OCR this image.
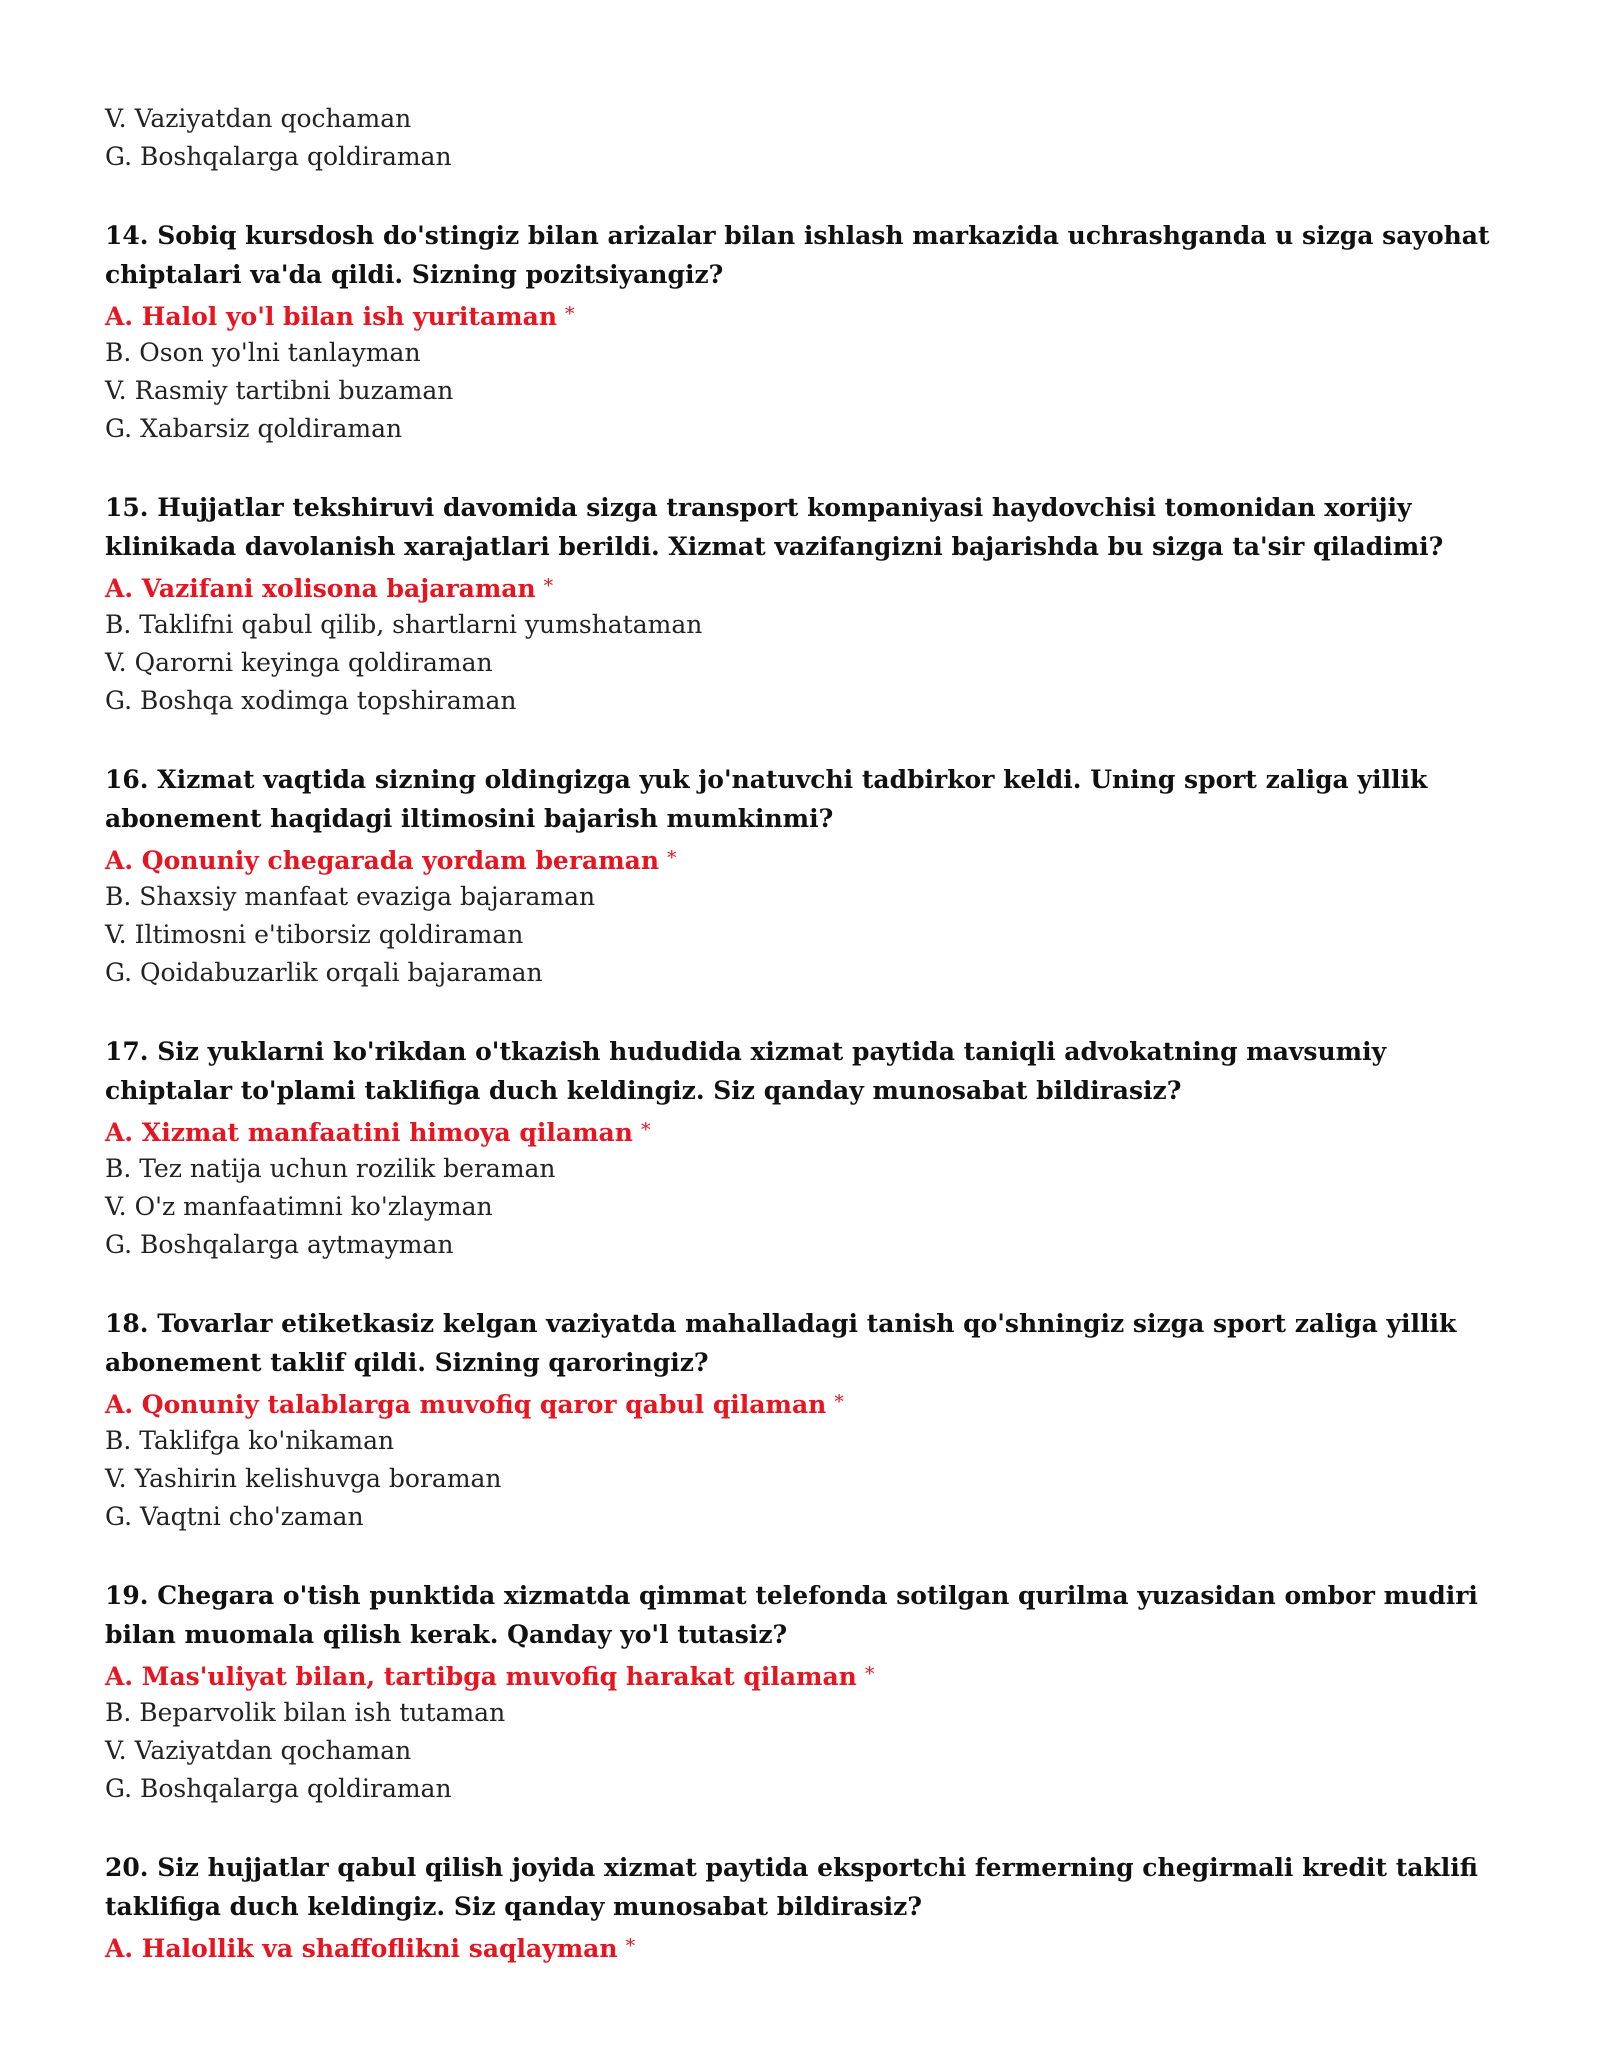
V. Vaziyatdan qochaman
G. Boshqalarga qoldiraman
14. Sobiq kursdosh do'stingiz bilan arizalar bilan ishlash markazida uchrashganda u sizga sayohat chiptalari va'da qildi. Sizning pozitsiyangiz?
A. Halol yo'l bilan ish yuritaman *
B. Oson yo'lni tanlayman
V. Rasmiy tartibni buzaman
G. Xabarsiz qoldiraman
15. Hujjatlar tekshiruvi davomida sizga transport kompaniyasi haydovchisi tomonidan xorijiy klinikada davolanish xarajatlari berildi. Xizmat vazifangizni bajarishda bu sizga ta'sir qiladimi?
A. Vazifani xolisona bajaraman *
B. Taklifni qabul qilib, shartlarni yumshataman
V. Qarorni keyinga qoldiraman
G. Boshqa xodimga topshiraman
16. Xizmat vaqtida sizning oldingizga yuk jo'natuvchi tadbirkor keldi. Uning sport zaliga yillik abonement haqidagi iltimosini bajarish mumkinmi?
A. Qonuniy chegarada yordam beraman *
B. Shaxsiy manfaat evaziga bajaraman
V. Iltimosni e'tiborsiz qoldiraman
G. Qoidabuzarlik orqali bajaraman
17. Siz yuklarni ko'rikdan o'tkazish hududida xizmat paytida taniqli advokatning mavsumiy chiptalar to'plami taklifiga duch keldingiz. Siz qanday munosabat bildirasiz?
A. Xizmat manfaatini himoya qilaman *
B. Tez natija uchun rozilik beraman
V. O'z manfaatimni ko'zlayman
G. Boshqalarga aytmayman
18. Tovarlar etiketkasiz kelgan vaziyatda mahalladagi tanish qo'shningiz sizga sport zaliga yillik abonement taklif qildi. Sizning qaroringiz?
A. Qonuniy talablarga muvofiq qaror qabul qilaman *
B. Taklifga ko'nikaman
V. Yashirin kelishuvga boraman
G. Vaqtni cho'zaman
19. Chegara o'tish punktida xizmatda qimmat telefonda sotilgan qurilma yuzasidan ombor mudiri bilan muomala qilish kerak. Qanday yo'l tutasiz?
A. Mas'uliyat bilan, tartibga muvofiq harakat qilaman *
B. Beparvolik bilan ish tutaman
V. Vaziyatdan qochaman
G. Boshqalarga qoldiraman
20. Siz hujjatlar qabul qilish joyida xizmat paytida eksportchi fermerning chegirmali kredit taklifi taklifiga duch keldingiz. Siz qanday munosabat bildirasiz?
A. Halollik va shaffoflikni saqlayman *
